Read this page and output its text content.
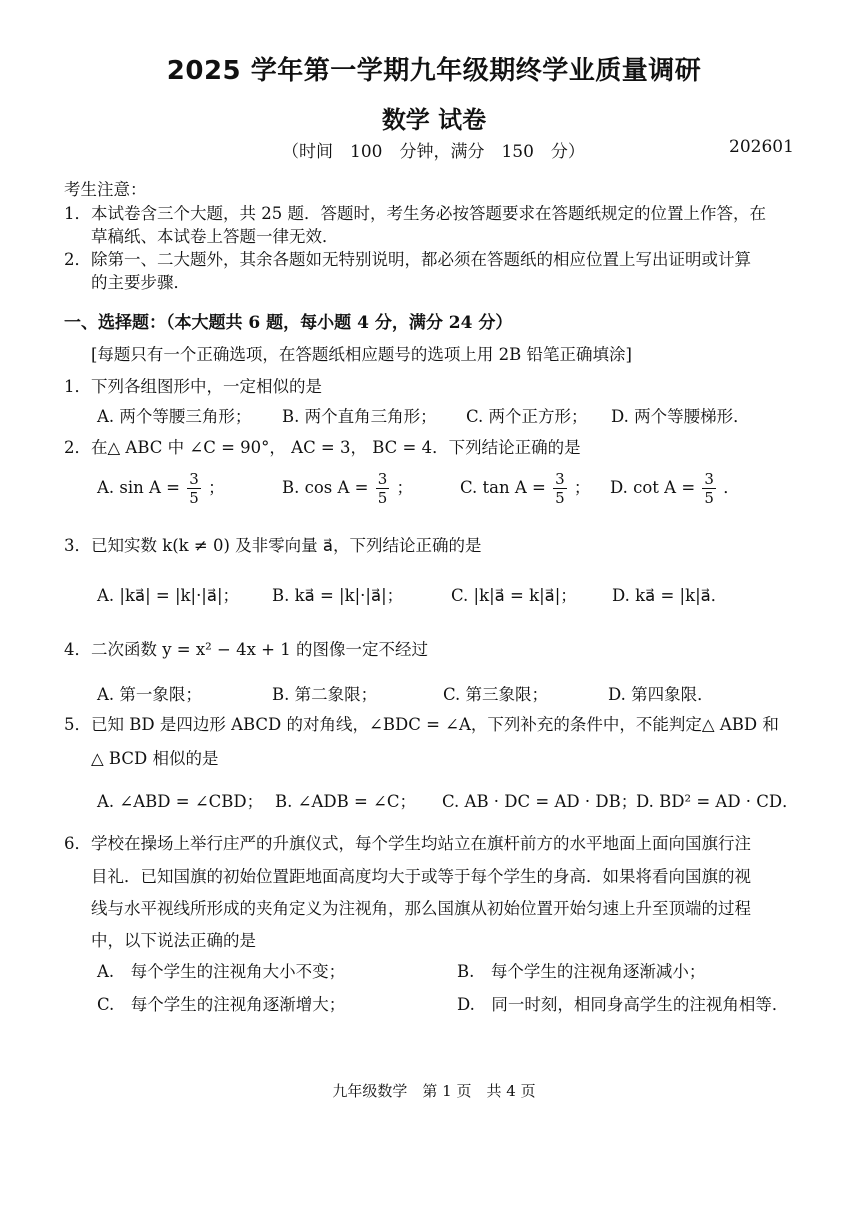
2025 学年第一学期九年级期终学业质量调研
数学 试卷
（时间　100　分钟，满分　150　分）	202601
考生注意：
1．本试卷含三个大题，共 25 题．答题时，考生务必按答题要求在答题纸规定的位置上作答，在
草稿纸、本试卷上答题一律无效．
2．除第一、二大题外，其余各题如无特别说明，都必须在答题纸的相应位置上写出证明或计算
的主要步骤．
一、选择题：（本大题共 6 题，每小题 4 分，满分 24 分）
[每题只有一个正确选项，在答题纸相应题号的选项上用 2B 铅笔正确填涂]
1．下列各组图形中，一定相似的是
A. 两个等腰三角形； B. 两个直角三角形； C. 两个正方形； D. 两个等腰梯形．
2．在△ ABC 中 ∠C = 90°， AC = 3， BC = 4．下列结论正确的是
A. $\sin A = \frac{3}{5}$ ；	B. $\cos A = \frac{3}{5}$ ；	C. $\tan A = \frac{3}{5}$ ； D. $\cot A = \frac{3}{5}$ ．
3．已知实数 k(k ≠ 0) 及非零向量 a⃗，下列结论正确的是
A. |ka⃗| = |k|·|a⃗|； B. ka⃗ = |k|·|a⃗|；	C. |k|a⃗ = k|a⃗|； D. ka⃗ = |k|a⃗．
4．二次函数 y = x² − 4x + 1 的图像一定不经过
A. 第一象限；	B. 第二象限；	C. 第三象限；	D. 第四象限．
5．已知 BD 是四边形 ABCD 的对角线，∠BDC = ∠A，下列补充的条件中，不能判定△ ABD 和
△ BCD 相似的是
A. ∠ABD = ∠CBD； B. ∠ADB = ∠C； C. AB · DC = AD · DB；
D. BD² = AD · CD．
6．学校在操场上举行庄严的升旗仪式，每个学生均站立在旗杆前方的水平地面上面向国旗行注
目礼．已知国旗的初始位置距地面高度均大于或等于每个学生的身高．如果将看向国旗的视
线与水平视线所形成的夹角定义为注视角，那么国旗从初始位置开始匀速上升至顶端的过程
中，以下说法正确的是
A.　每个学生的注视角大小不变；	B.　每个学生的注视角逐渐减小；
C.　每个学生的注视角逐渐增大；	D.　同一时刻，相同身高学生的注视角相等．
九年级数学　第 1 页　共 4 页
